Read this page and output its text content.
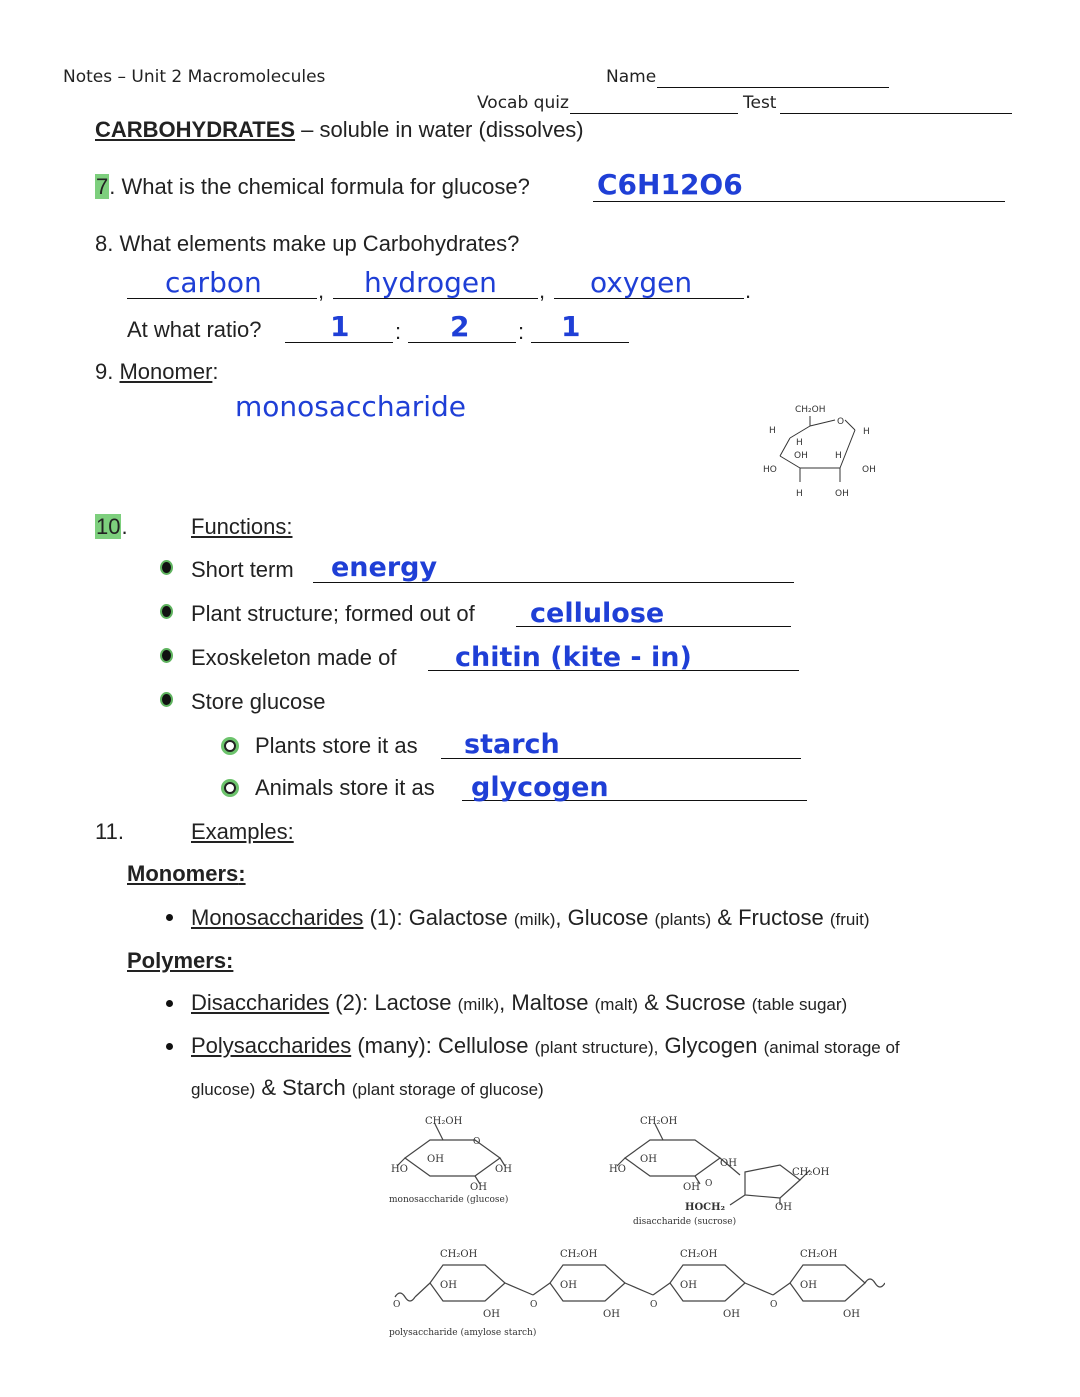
Notes – Unit 2 Macromolecules	Name
Vocab quiz	Test
CARBOHYDRATES – soluble in water (dissolves)
7. What is the chemical formula for glucose? C6H12O6
8. What elements make up Carbohydrates?
carbon	, hydrogen , oxygen .
At what ratio? 1 : 2 : 1
9. Monomer:
monosaccharide	CH₂OH
O
H	H
H
OH	H
HO	OH
H	OH
10.	Functions:
Short term energy
Plant structure; formed out of cellulose
Exoskeleton made of chitin (kite - in)
Store glucose
Plants store it as starch
Animals store it as glycogen
11.	Examples:
Monomers:
Monosaccharides (1): Galactose (milk), Glucose (plants) & Fructose (fruit)
Polymers:
Disaccharides (2): Lactose (milk), Maltose (malt) & Sucrose (table sugar)
Polysaccharides (many): Cellulose (plant structure), Glycogen (animal storage of
glucose) & Starch (plant storage of glucose)
CH₂OH
O
OH
HO	OH
OH
monosaccharide (glucose)
CH₂OH
OH
HO
OH
OH O
CH₂OH
OH
HOCH₂
disaccharide (sucrose)
O
CH₂OH	CH₂OH	CH₂OH	CH₂OH
OH	OH	OH	OH
O	O	O
OH	OH	OH	OH
polysaccharide (amylose starch)
